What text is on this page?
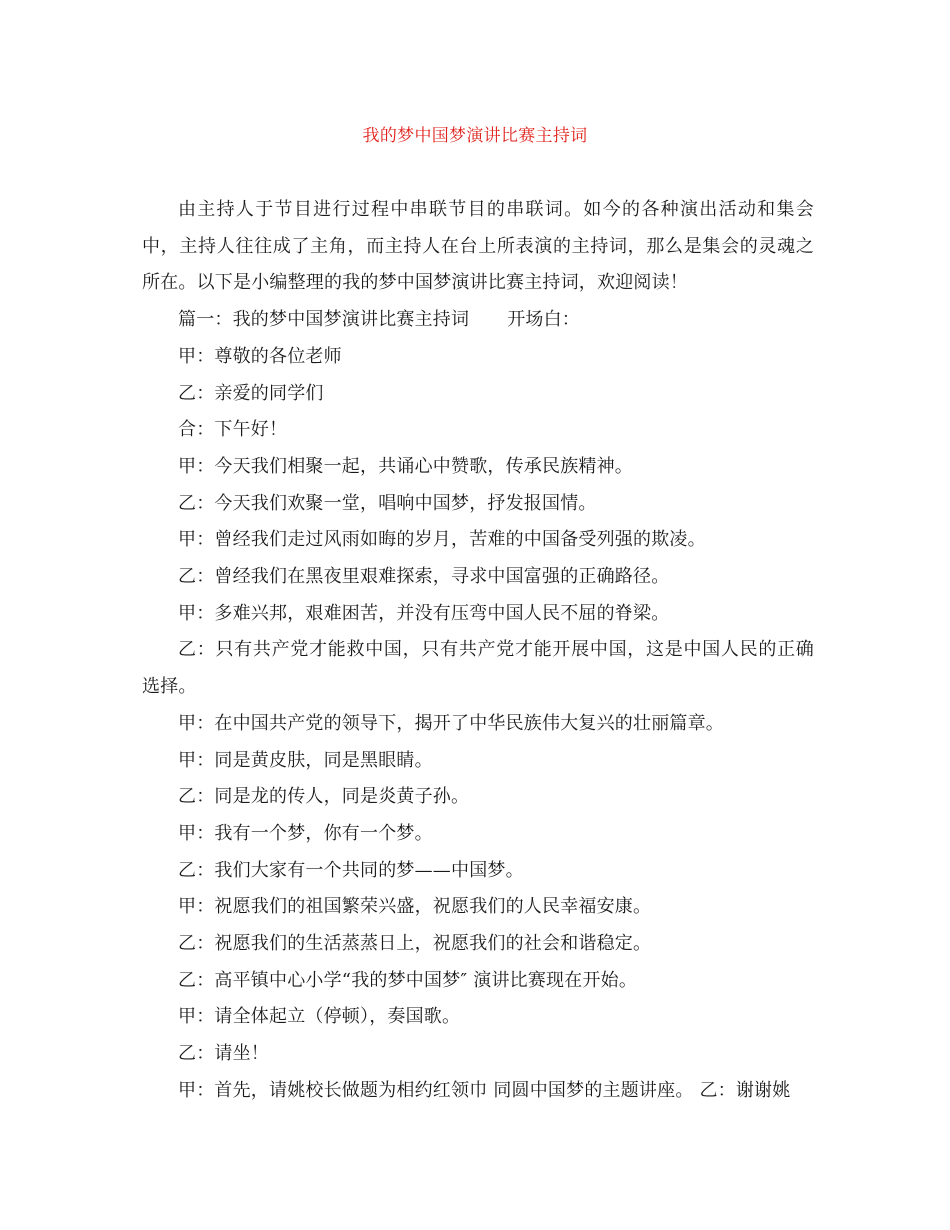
我的梦中国梦演讲比赛主持词

由主持人于节目进行过程中串联节目的串联词。如今的各种演出活动和集会中，主持人往往成了主角，而主持人在台上所表演的主持词，那么是集会的灵魂之所在。以下是小编整理的我的梦中国梦演讲比赛主持词，欢迎阅读！

篇一：我的梦中国梦演讲比赛主持词 开场白：

甲：尊敬的各位老师

乙：亲爱的同学们

合：下午好！

甲：今天我们相聚一起，共诵心中赞歌，传承民族精神。

乙：今天我们欢聚一堂，唱响中国梦，抒发报国情。

甲：曾经我们走过风雨如晦的岁月，苦难的中国备受列强的欺凌。

乙：曾经我们在黑夜里艰难探索，寻求中国富强的正确路径。

甲：多难兴邦，艰难困苦，并没有压弯中国人民不屈的脊梁。

乙：只有共产党才能救中国，只有共产党才能开展中国，这是中国人民的正确选择。

甲：在中国共产党的领导下，揭开了中华民族伟大复兴的壮丽篇章。

甲：同是黄皮肤，同是黑眼睛。

乙：同是龙的传人，同是炎黄子孙。

甲：我有一个梦，你有一个梦。

乙：我们大家有一个共同的梦——中国梦。

甲：祝愿我们的祖国繁荣兴盛，祝愿我们的人民幸福安康。

乙：祝愿我们的生活蒸蒸日上，祝愿我们的社会和谐稳定。

乙：高平镇中心小学“我的梦中国梦″ 演讲比赛现在开始。

甲：请全体起立（停顿），奏国歌。

乙：请坐！

甲：首先，请姚校长做题为相约红领巾 同圆中国梦的主题讲座。 乙：谢谢姚
